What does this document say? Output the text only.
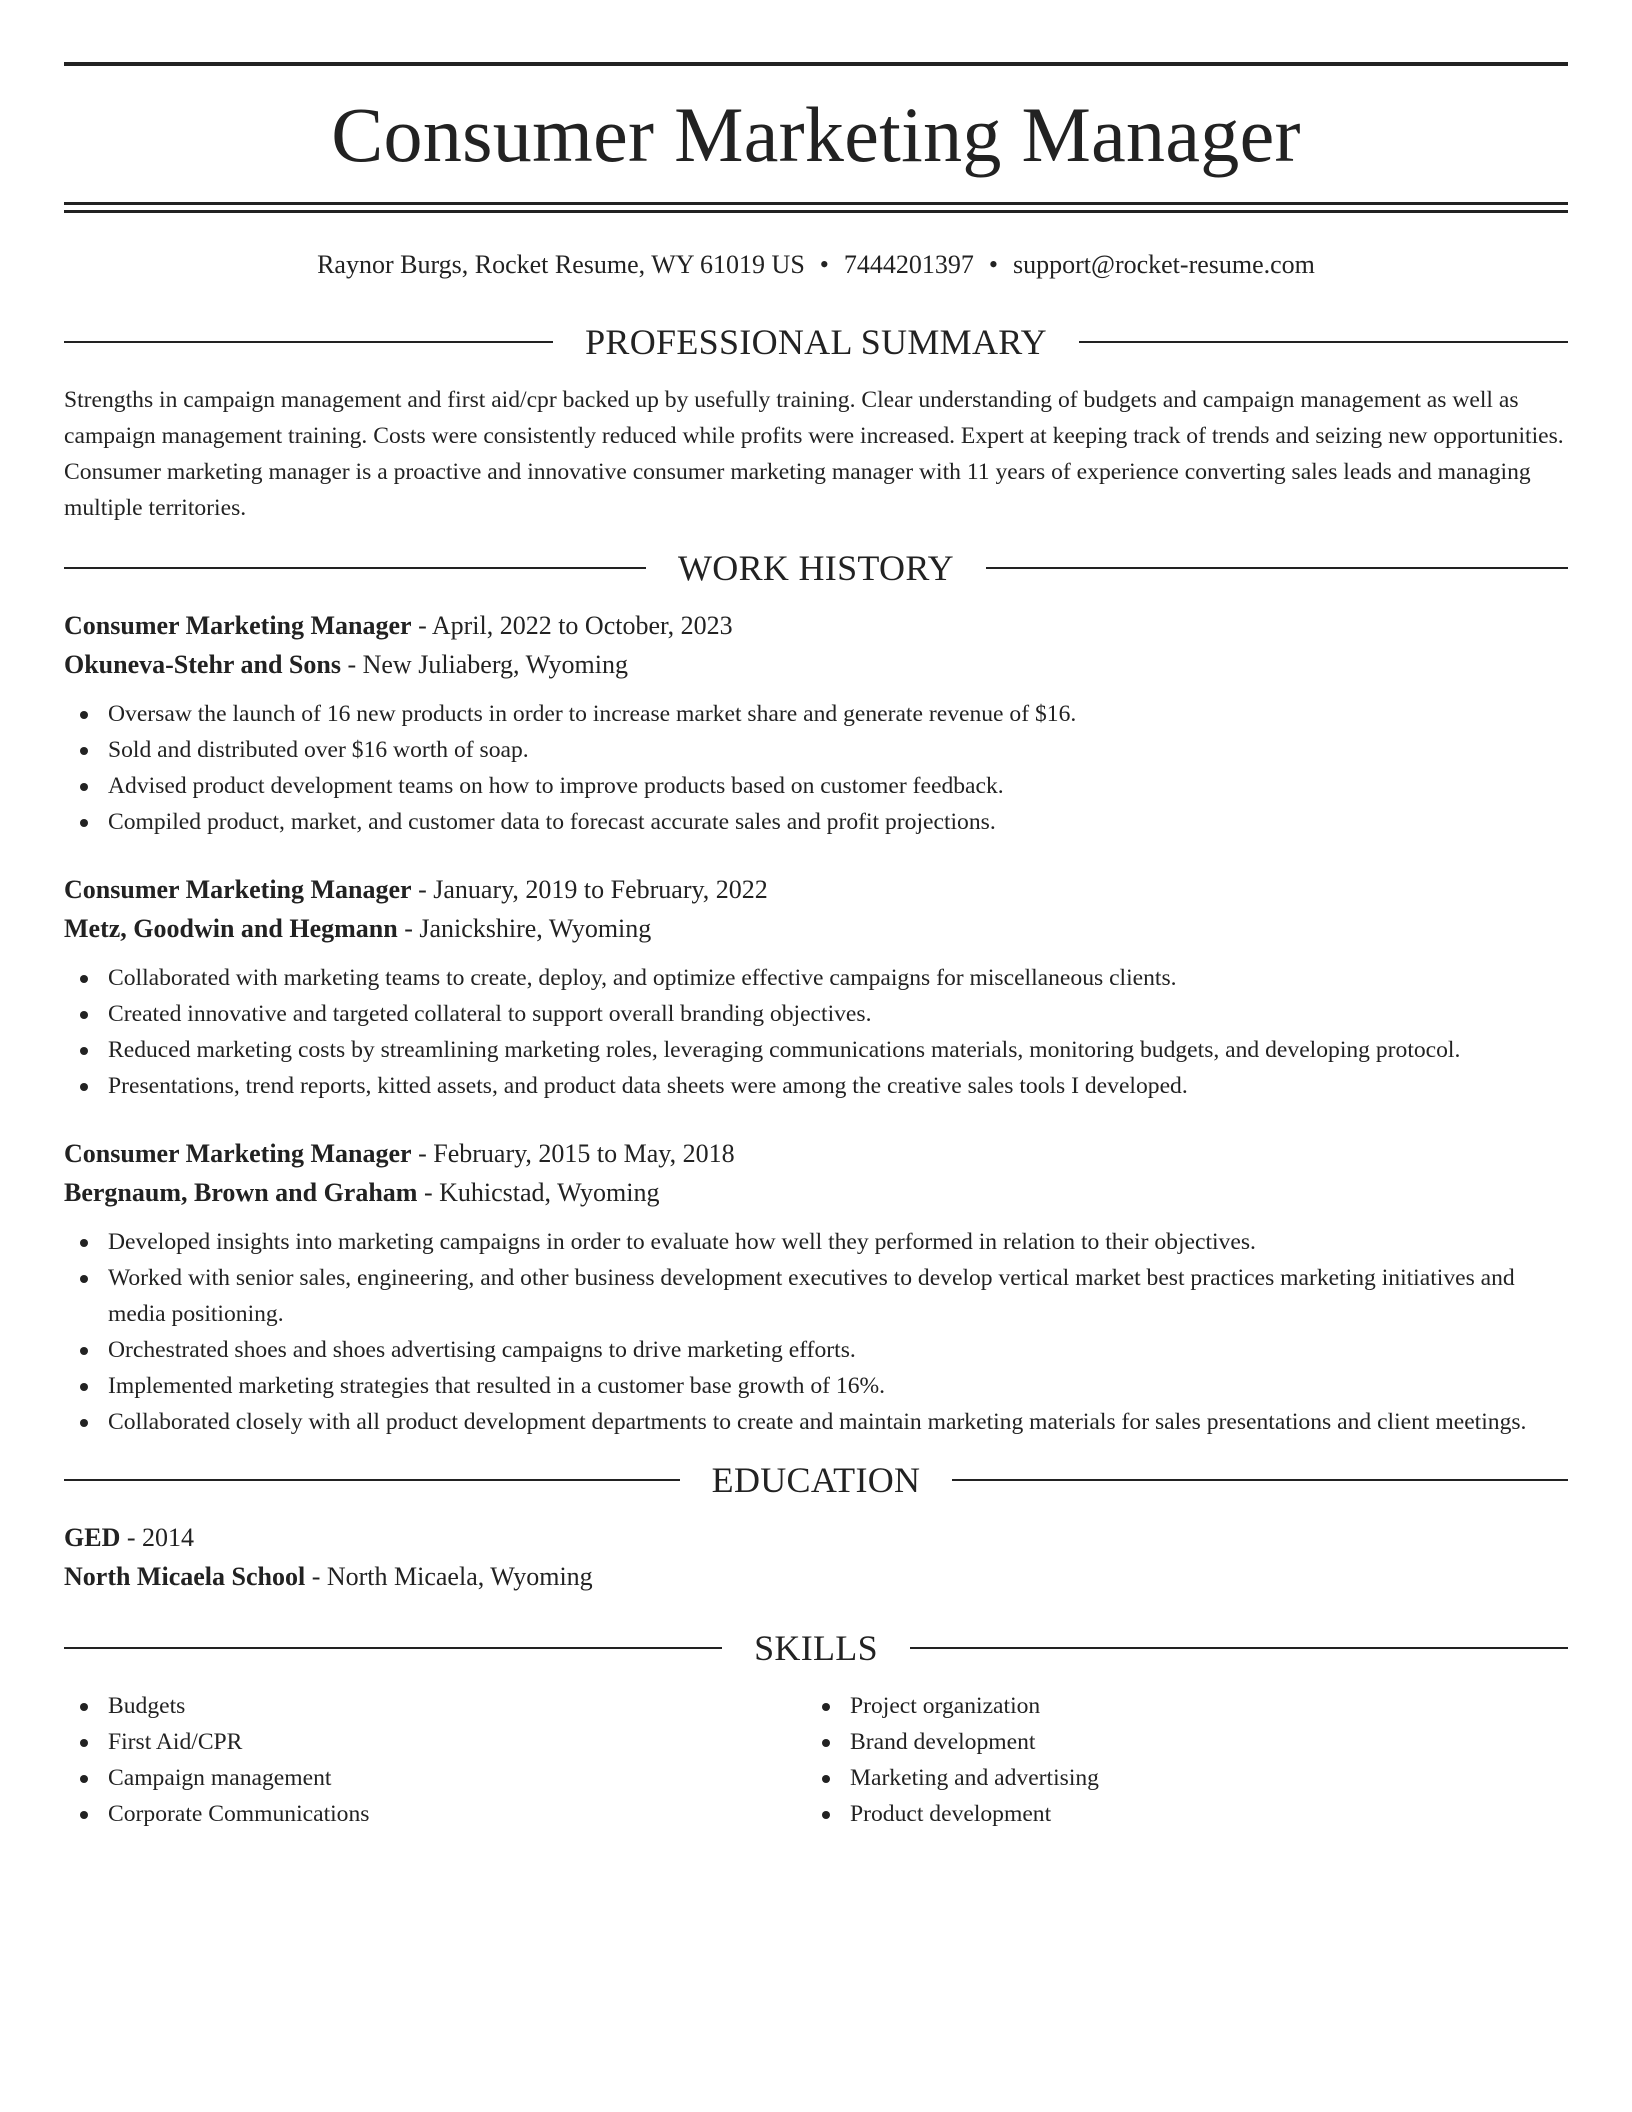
Consumer Marketing Manager
Raynor Burgs, Rocket Resume, WY 61019 US • 7444201397 • support@rocket-resume.com
PROFESSIONAL SUMMARY

Strengths in campaign management and first aid/cpr backed up by usefully training. Clear understanding of budgets and campaign management as well as campaign management training. Costs were consistently reduced while profits were increased. Expert at keeping track of trends and seizing new opportunities. Consumer marketing manager is a proactive and innovative consumer marketing manager with 11 years of experience converting sales leads and managing multiple territories.

WORK HISTORY
Consumer Marketing Manager - April, 2022 to October, 2023
Okuneva-Stehr and Sons - New Juliaberg, Wyoming
Oversaw the launch of 16 new products in order to increase market share and generate revenue of $16.
Sold and distributed over $16 worth of soap.
Advised product development teams on how to improve products based on customer feedback.
Compiled product, market, and customer data to forecast accurate sales and profit projections.
Consumer Marketing Manager - January, 2019 to February, 2022
Metz, Goodwin and Hegmann - Janickshire, Wyoming
Collaborated with marketing teams to create, deploy, and optimize effective campaigns for miscellaneous clients.
Created innovative and targeted collateral to support overall branding objectives.
Reduced marketing costs by streamlining marketing roles, leveraging communications materials, monitoring budgets, and developing protocol.
Presentations, trend reports, kitted assets, and product data sheets were among the creative sales tools I developed.
Consumer Marketing Manager - February, 2015 to May, 2018
Bergnaum, Brown and Graham - Kuhicstad, Wyoming
Developed insights into marketing campaigns in order to evaluate how well they performed in relation to their objectives.
Worked with senior sales, engineering, and other business development executives to develop vertical market best practices marketing initiatives and media positioning.
Orchestrated shoes and shoes advertising campaigns to drive marketing efforts.
Implemented marketing strategies that resulted in a customer base growth of 16%.
Collaborated closely with all product development departments to create and maintain marketing materials for sales presentations and client meetings.
EDUCATION
GED - 2014
North Micaela School - North Micaela, Wyoming
SKILLS
Budgets
First Aid/CPR
Campaign management
Corporate Communications
Project organization
Brand development
Marketing and advertising
Product development
